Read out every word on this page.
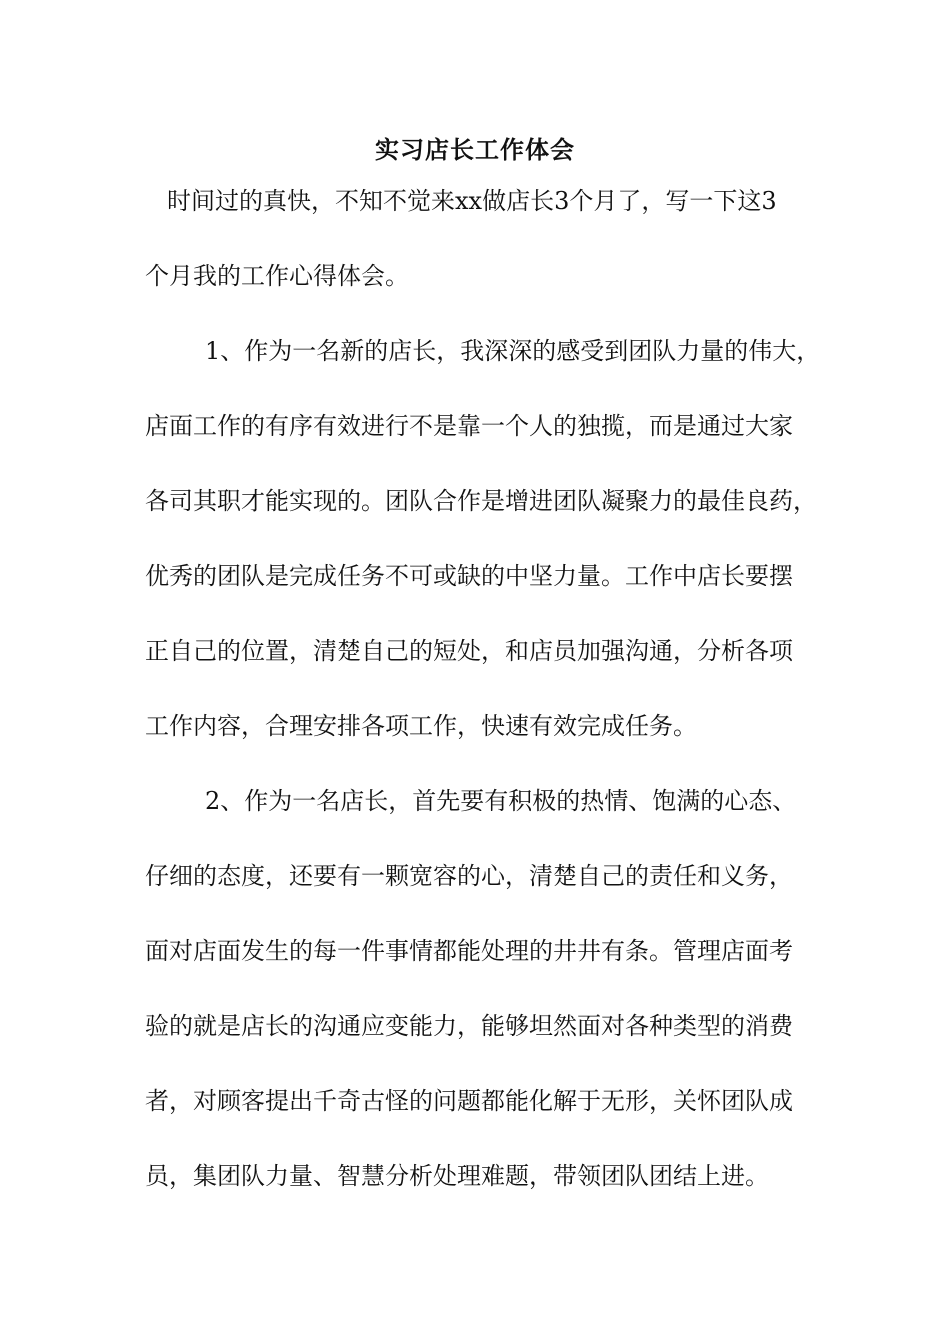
实习店长工作体会
时间过的真快，不知不觉来xx做店长3个月了，写一下这3
个月我的工作心得体会。
1、作为一名新的店长，我深深的感受到团队力量的伟大，
店面工作的有序有效进行不是靠一个人的独揽，而是通过大家
各司其职才能实现的。团队合作是增进团队凝聚力的最佳良药，
优秀的团队是完成任务不可或缺的中坚力量。工作中店长要摆
正自己的位置，清楚自己的短处，和店员加强沟通，分析各项
工作内容，合理安排各项工作，快速有效完成任务。
2、作为一名店长，首先要有积极的热情、饱满的心态、
仔细的态度，还要有一颗宽容的心，清楚自己的责任和义务，
面对店面发生的每一件事情都能处理的井井有条。管理店面考
验的就是店长的沟通应变能力，能够坦然面对各种类型的消费
者，对顾客提出千奇古怪的问题都能化解于无形，关怀团队成
员，集团队力量、智慧分析处理难题，带领团队团结上进。
